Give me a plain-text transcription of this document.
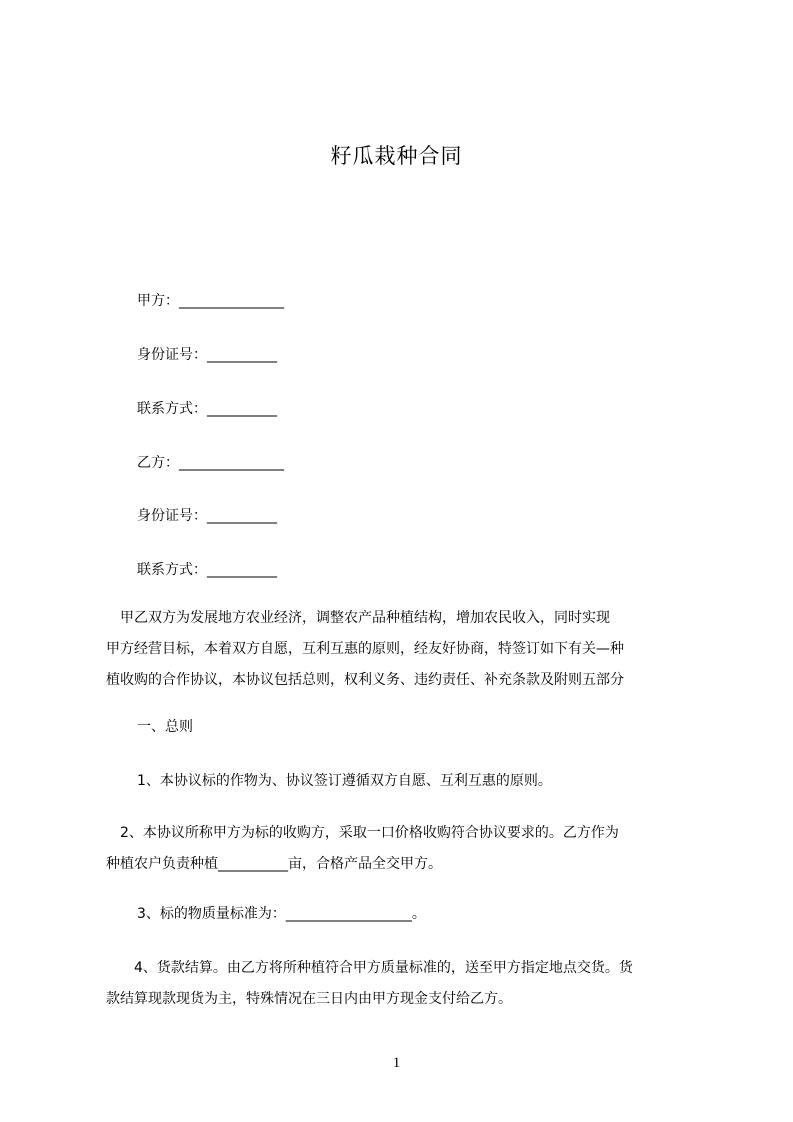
籽瓜栽种合同
甲方：_______________
身份证号：__________
联系方式：__________
乙方：_______________
身份证号：__________
联系方式：__________

　甲乙双方为发展地方农业经济，调整农产品种植结构，增加农民收入，同时实现

甲方经营目标，本着双方自愿，互利互惠的原则，经友好协商，特签订如下有关—种

植收购的合作协议，本协议包括总则，权利义务、违约责任、补充条款及附则五部分

一、总则
1、本协议标的作物为、协议签订遵循双方自愿、互利互惠的原则。

　2、本协议所称甲方为标的收购方，采取一口价格收购符合协议要求的。乙方作为

种植农户负责种植__________亩，合格产品全交甲方。

3、标的物质量标准为：__________________。

　　4、货款结算。由乙方将所种植符合甲方质量标准的，送至甲方指定地点交货。货

款结算现款现货为主，特殊情况在三日内由甲方现金支付给乙方。

1
